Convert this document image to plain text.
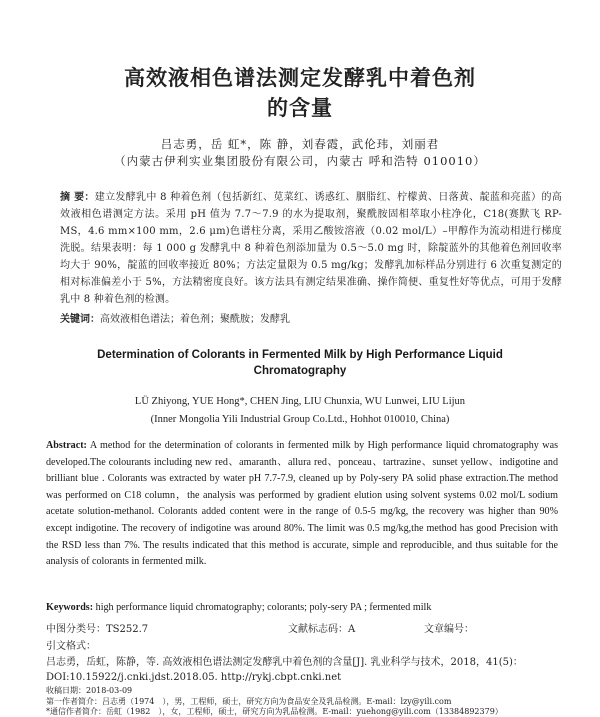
高效液相色谱法测定发酵乳中着色剂
的含量
吕志勇，岳 虹*，陈 静，刘春霞，武伦玮，刘丽君
（内蒙古伊利实业集团股份有限公司，内蒙古 呼和浩特 010010）
摘 要：建立发酵乳中 8 种着色剂（包括新红、苋菜红、诱惑红、胭脂红、柠檬黄、日落黄、靛蓝和亮蓝）的高效液相色谱测定方法。采用 pH 值为 7.7～7.9 的水为提取剂，聚酰胺固相萃取小柱净化，C18(赛默飞 RP-MS，4.6 mm×100 mm，2.6 μm)色谱柱分离，采用乙酸铵溶液（0.02 mol/L）–甲醇作为流动相进行梯度洗脱。结果表明：每 1 000 g 发酵乳中 8 种着色剂添加量为 0.5～5.0 mg 时，除靛蓝外的其他着色剂回收率均大于 90%，靛蓝的回收率接近 80%；方法定量限为 0.5 mg/kg；发酵乳加标样品分别进行 6 次重复测定的相对标准偏差小于 5%，方法精密度良好。该方法具有测定结果准确、操作简便、重复性好等优点，可用于发酵乳中 8 种着色剂的检测。
关键词：高效液相色谱法；着色剂；聚酰胺；发酵乳
Determination of Colorants in Fermented Milk by High Performance Liquid
Chromatography
LÜ Zhiyong, YUE Hong*, CHEN Jing, LIU Chunxia, WU Lunwei, LIU Lijun
(Inner Mongolia Yili Industrial Group Co.Ltd., Hohhot 010010, China)
Abstract: A method for the determination of colorants in fermented milk by High performance liquid chromatography was developed.The colourants including new red、amaranth、allura red、ponceau、tartrazine、sunset yellow、indigotine and brilliant blue . Colorants was extracted by water pH 7.7-7.9, cleaned up by Poly-sery PA solid phase extraction.The method was performed on C18 column，the analysis was performed by gradient elution using solvent systems 0.02 mol/L sodium acetate solution-methanol. Colorants added content were in the range of 0.5-5 mg/kg, the recovery was higher than 90% except indigotine. The recovery of indigotine was around 80%. The limit was 0.5 mg/kg,the method has good Precision with the RSD less than 7%. The results indicated that this method is accurate, simple and reproducible, and thus suitable for the analysis of colorants in fermented milk.
Keywords: high performance liquid chromatography; colorants; poly-sery PA ; fermented milk
中图分类号：TS252.7	文献标志码：A	文章编号：
引文格式：
吕志勇，岳虹，陈静，等. 高效液相色谱法测定发酵乳中着色剂的含量[J]. 乳业科学与技术，2018，41(5)： DOI:10.15922/j.cnki.jdst.2018.05. http://rykj.cbpt.cnki.net
收稿日期：2018-03-09
第一作者简介：吕志勇（1974　），男，工程师，硕士，研究方向为食品安全及乳品检测。E-mail：lzy@yili.com
*通信作者简介：岳虹（1982　），女，工程师，硕士，研究方向为乳品检测。E-mail：yuehong@yili.com（13384892379）
